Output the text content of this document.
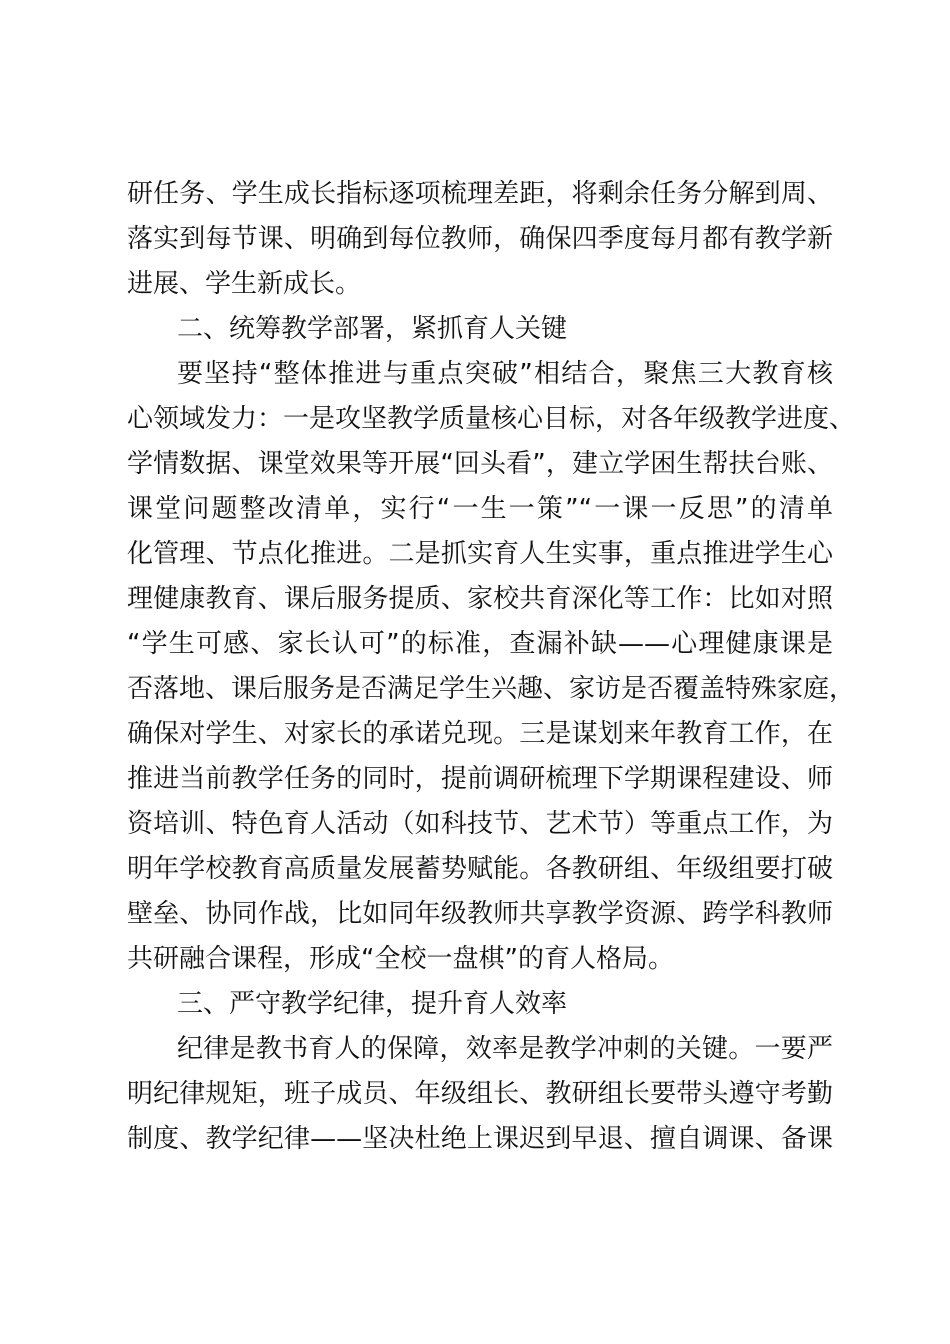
研任务、学生成长指标逐项梳理差距，将剩余任务分解到周、
落实到每节课、明确到每位教师，确保四季度每月都有教学新
进展、学生新成长。
二、统筹教学部署，紧抓育人关键
要坚持“整体推进与重点突破”相结合，聚焦三大教育核
心领域发力：一是攻坚教学质量核心目标，对各年级教学进度、
学情数据、课堂效果等开展“回头看”，建立学困生帮扶台账、
课堂问题整改清单，实行“一生一策”“一课一反思”的清单
化管理、节点化推进。二是抓实育人生实事，重点推进学生心
理健康教育、课后服务提质、家校共育深化等工作：比如对照
“学生可感、家长认可”的标准，查漏补缺——心理健康课是
否落地、课后服务是否满足学生兴趣、家访是否覆盖特殊家庭，
确保对学生、对家长的承诺兑现。三是谋划来年教育工作，在
推进当前教学任务的同时，提前调研梳理下学期课程建设、师
资培训、特色育人活动（如科技节、艺术节）等重点工作，为
明年学校教育高质量发展蓄势赋能。各教研组、年级组要打破
壁垒、协同作战，比如同年级教师共享教学资源、跨学科教师
共研融合课程，形成“全校一盘棋”的育人格局。
三、严守教学纪律，提升育人效率
纪律是教书育人的保障，效率是教学冲刺的关键。一要严
明纪律规矩，班子成员、年级组长、教研组长要带头遵守考勤
制度、教学纪律——坚决杜绝上课迟到早退、擅自调课、备课
